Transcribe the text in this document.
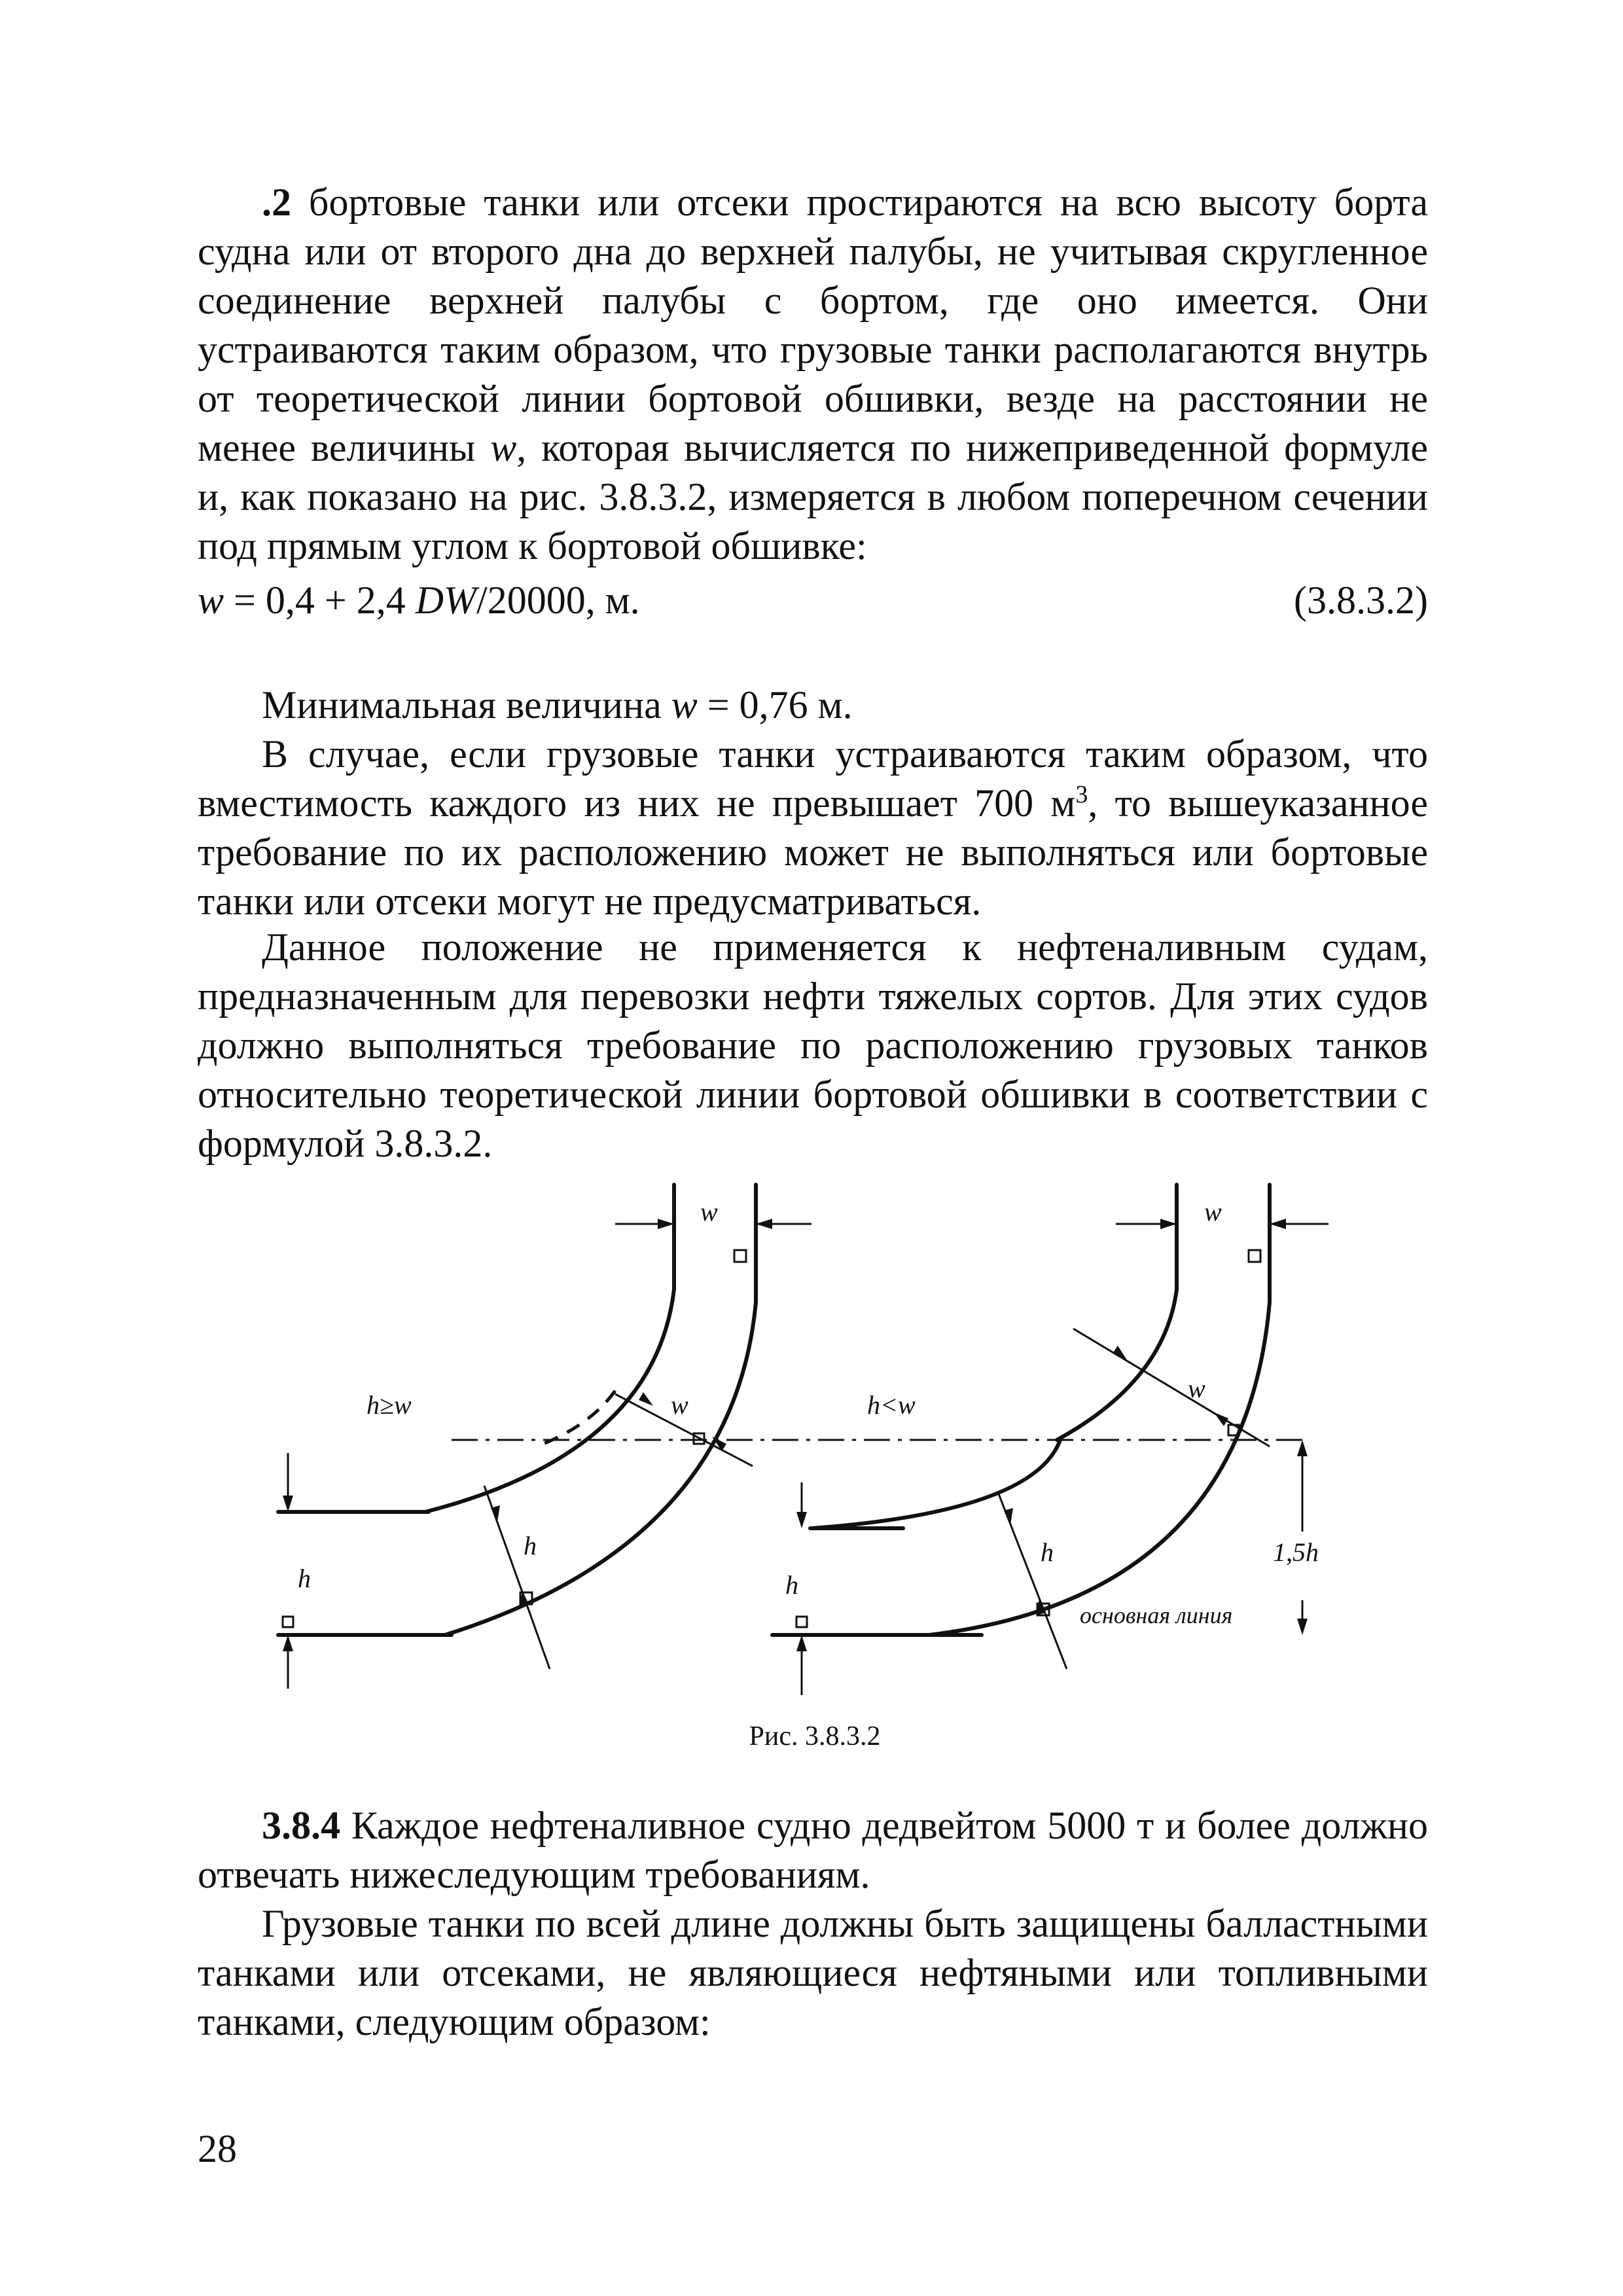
.2 бортовые танки или отсеки простираются на всю высоту борта судна или от второго дна до верхней палубы, не учитывая скругленное соединение верхней палубы с бортом, где оно имеется. Они устраиваются таким образом, что грузовые танки располагаются внутрь от теоретической линии бортовой обшивки, везде на расстоянии не менее величины w, которая вычисляется по нижеприведенной формуле и, как показано на рис. 3.8.3.2, измеряется в любом поперечном сечении под прямым углом к бортовой обшивке:

w = 0,4 + 2,4 DW/20000, м.	(3.8.3.2)

Минимальная величина w = 0,76 м.

В случае, если грузовые танки устраиваются таким образом, что вместимость каждого из них не превышает 700 $м^3$, то вышеуказанное требование по их расположению может не выполняться или бортовые танки или отсеки могут не предусматриваться.

Данное положение не применяется к нефтеналивным судам, предназначенным для перевозки нефти тяжелых сортов. Для этих судов должно выполняться требование по расположению грузовых танков относительно теоретической линии бортовой обшивки в соответствии с формулой 3.8.3.2.

w
h≥w	w
h
h
w
h<w
w
h
h
1,5h
основная линия
Рис. 3.8.3.2

3.8.4 Каждое нефтеналивное судно дедвейтом 5000 т и более должно отвечать нижеследующим требованиям.

Грузовые танки по всей длине должны быть защищены балластными танками или отсеками, не являющиеся нефтяными или топливными танками, следующим образом:

28
